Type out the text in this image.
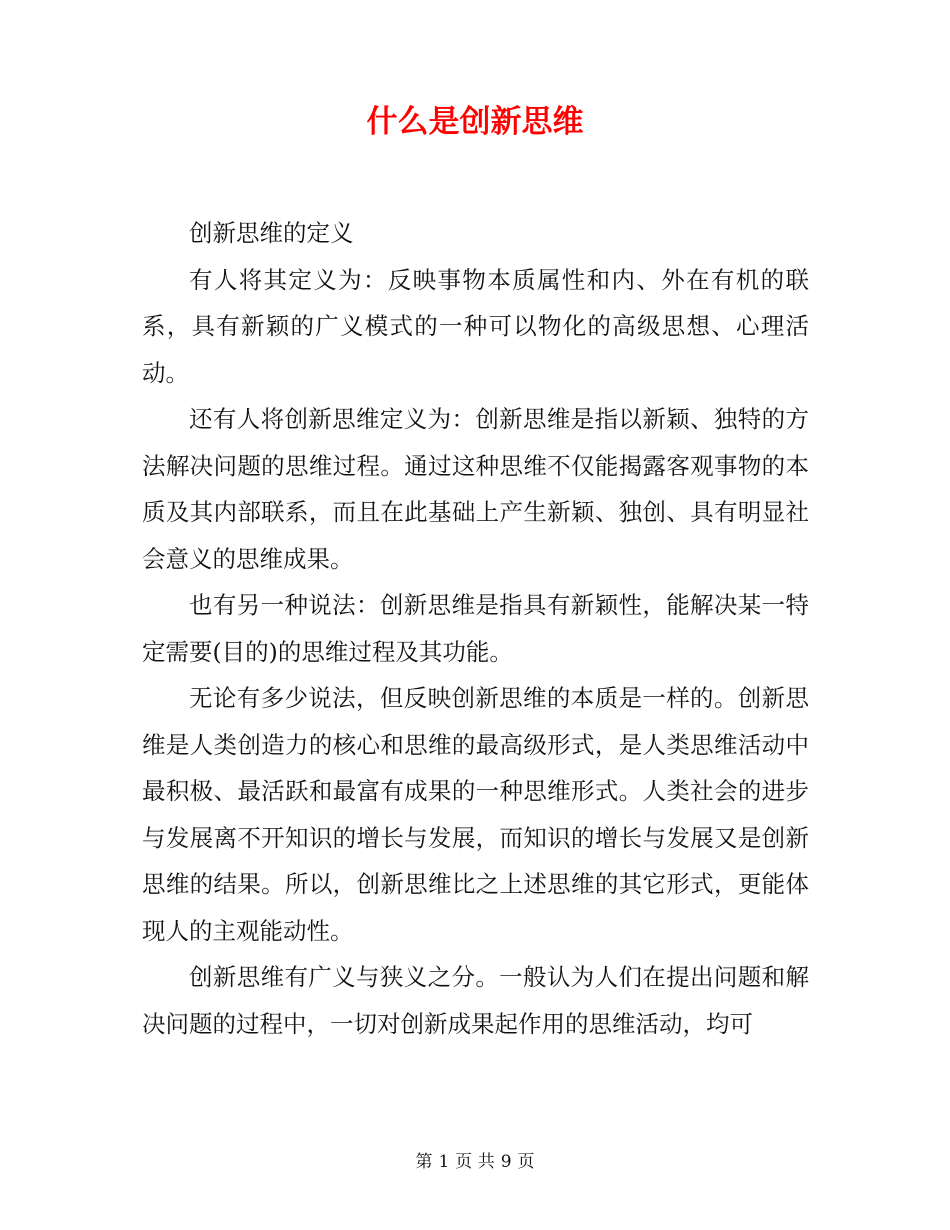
什么是创新思维

创新思维的定义

有人将其定义为：反映事物本质属性和内、外在有机的联系，具有新颖的广义模式的一种可以物化的高级思想、心理活动。

还有人将创新思维定义为：创新思维是指以新颖、独特的方法解决问题的思维过程。通过这种思维不仅能揭露客观事物的本质及其内部联系，而且在此基础上产生新颖、独创、具有明显社会意义的思维成果。

也有另一种说法：创新思维是指具有新颖性，能解决某一特定需要(目的)的思维过程及其功能。

无论有多少说法，但反映创新思维的本质是一样的。创新思维是人类创造力的核心和思维的最高级形式，是人类思维活动中最积极、最活跃和最富有成果的一种思维形式。人类社会的进步与发展离不开知识的增长与发展，而知识的增长与发展又是创新思维的结果。所以，创新思维比之上述思维的其它形式，更能体现人的主观能动性。

创新思维有广义与狭义之分。一般认为人们在提出问题和解决问题的过程中，一切对创新成果起作用的思维活动，均可

第 1 页 共 9 页
